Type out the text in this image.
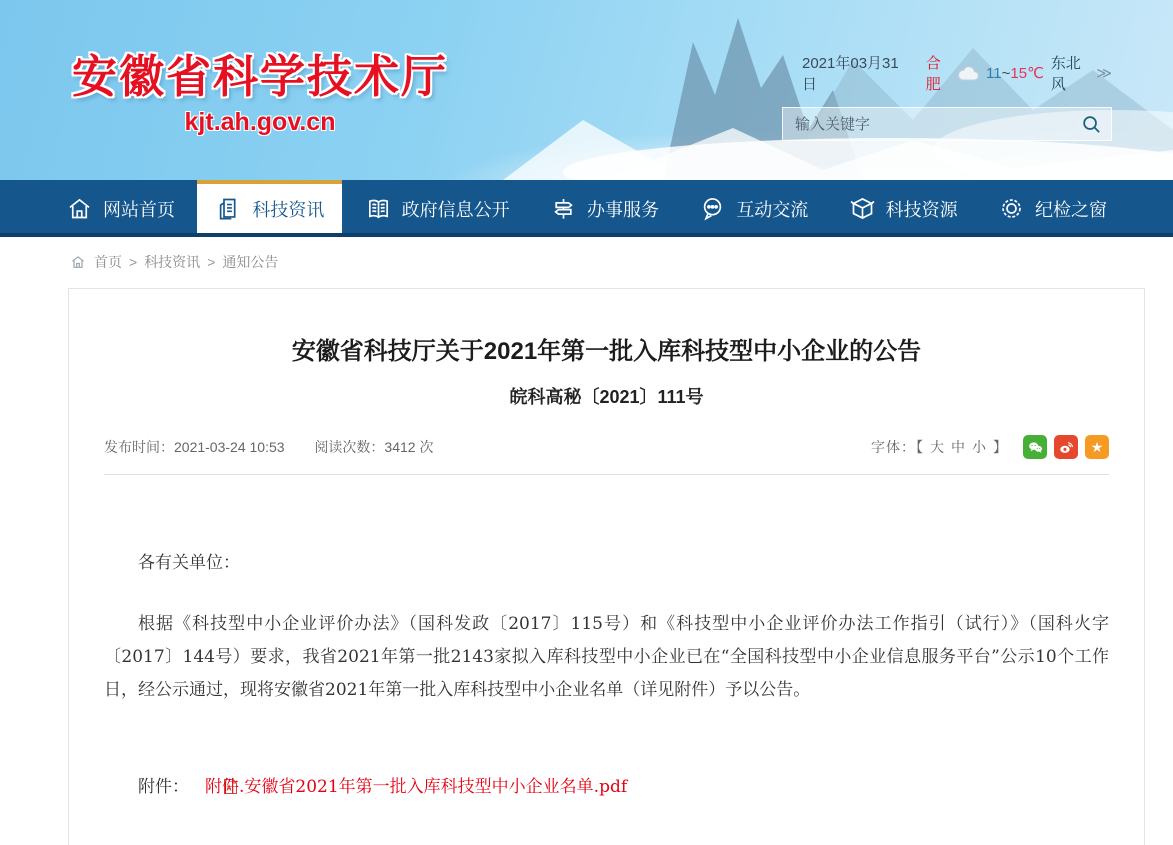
安徽省科学技术厅
kjt.ah.gov.cn
2021年03月31日
合肥
11~15℃
东北风
≫
输入关键字
网站首页	科技资讯	政府信息公开	办事服务	互动交流	科技资源	纪检之窗
首页 > 科技资讯 > 通知公告
安徽省科技厅关于2021年第一批入库科技型中小企业的公告
皖科高秘〔2021〕111号
发布时间：2021-03-24 10:53 阅读次数：3412 次	字体：【 大 中 小 】	★

各有关单位：

根据《科技型中小企业评价办法》（国科发政〔2017〕115号）和《科技型中小企业评价办法工作指引（试行）》（国科火字〔2017〕144号）要求，我省2021年第一批2143家拟入库科技型中小企业已在“全国科技型中小企业信息服务平台”公示10个工作日，经公示通过，现将安徽省2021年第一批入库科技型中小企业名单（详见附件）予以公告。

附件： 附件.安徽省2021年第一批入库科技型中小企业名单.pdf
